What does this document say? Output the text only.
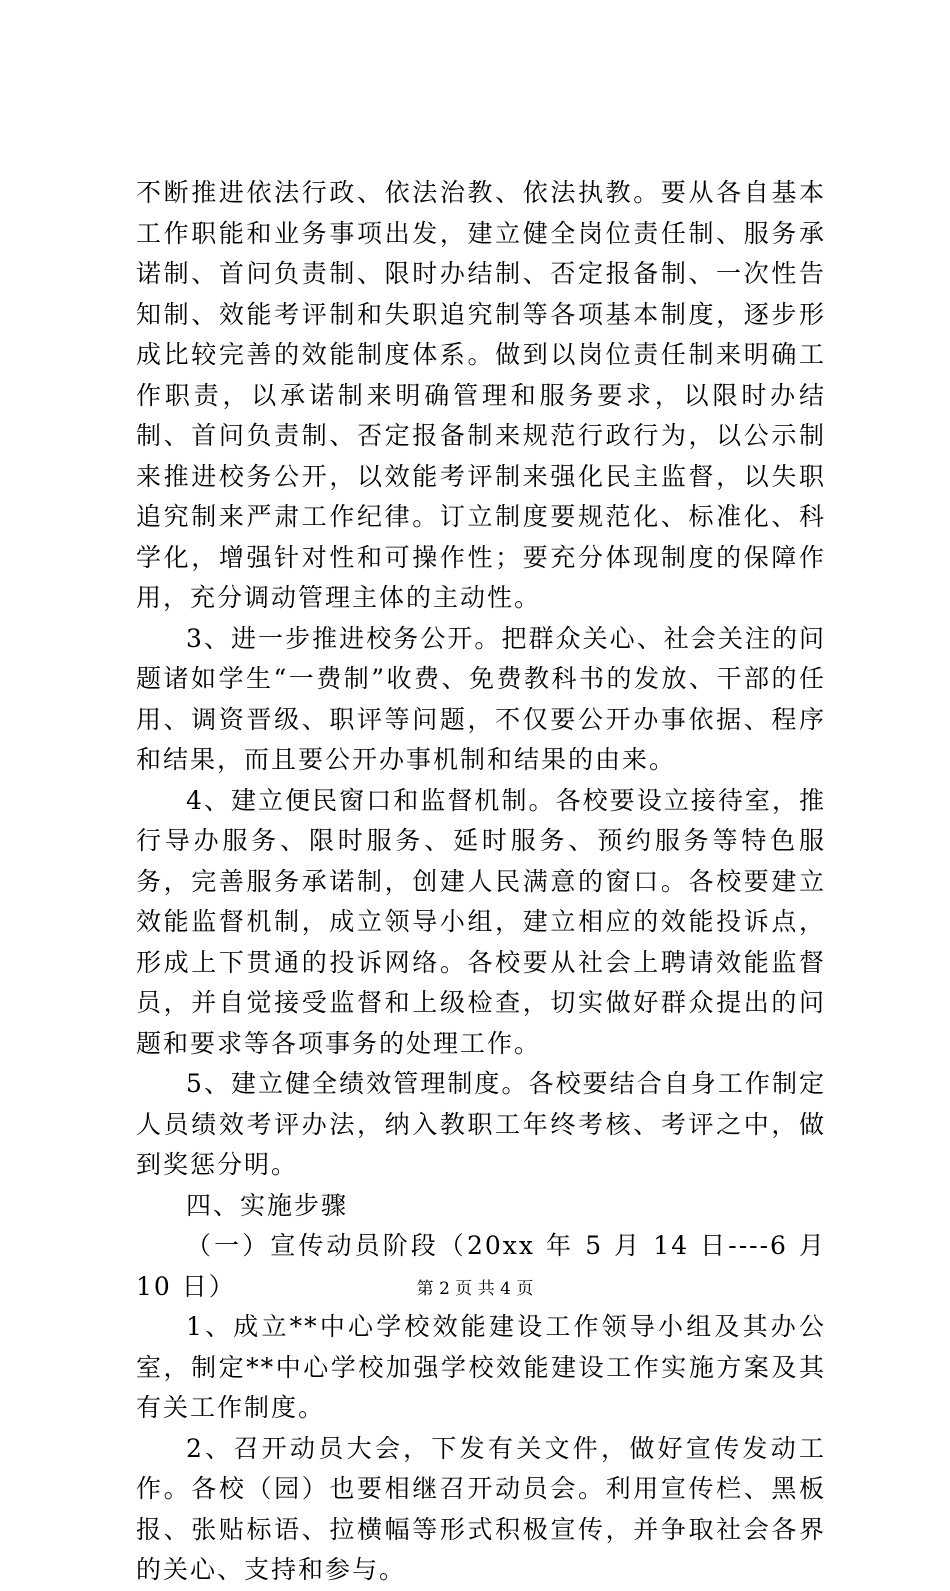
不断推进依法行政、依法治教、依法执教。要从各自基本工作职能和业务事项出发，建立健全岗位责任制、服务承诺制、首问负责制、限时办结制、否定报备制、一次性告知制、效能考评制和失职追究制等各项基本制度，逐步形成比较完善的效能制度体系。做到以岗位责任制来明确工作职责，以承诺制来明确管理和服务要求，以限时办结制、首问负责制、否定报备制来规范行政行为，以公示制来推进校务公开，以效能考评制来强化民主监督，以失职追究制来严肃工作纪律。订立制度要规范化、标准化、科学化，增强针对性和可操作性；要充分体现制度的保障作用，充分调动管理主体的主动性。

3、进一步推进校务公开。把群众关心、社会关注的问题诸如学生“一费制”收费、免费教科书的发放、干部的任用、调资晋级、职评等问题，不仅要公开办事依据、程序和结果，而且要公开办事机制和结果的由来。

4、建立便民窗口和监督机制。各校要设立接待室，推行导办服务、限时服务、延时服务、预约服务等特色服务，完善服务承诺制，创建人民满意的窗口。各校要建立效能监督机制，成立领导小组，建立相应的效能投诉点，形成上下贯通的投诉网络。各校要从社会上聘请效能监督员，并自觉接受监督和上级检查，切实做好群众提出的问题和要求等各项事务的处理工作。

5、建立健全绩效管理制度。各校要结合自身工作制定人员绩效考评办法，纳入教职工年终考核、考评之中，做到奖惩分明。

四、实施步骤

（一）宣传动员阶段（20xx 年 5 月 14 日----6 月 10 日）

1、成立**中心学校效能建设工作领导小组及其办公室，制定**中心学校加强学校效能建设工作实施方案及其有关工作制度。

2、召开动员大会，下发有关文件，做好宣传发动工作。各校（园）也要相继召开动员会。利用宣传栏、黑板报、张贴标语、拉横幅等形式积极宣传，并争取社会各界的关心、支持和参与。

第 2 页 共 4 页
